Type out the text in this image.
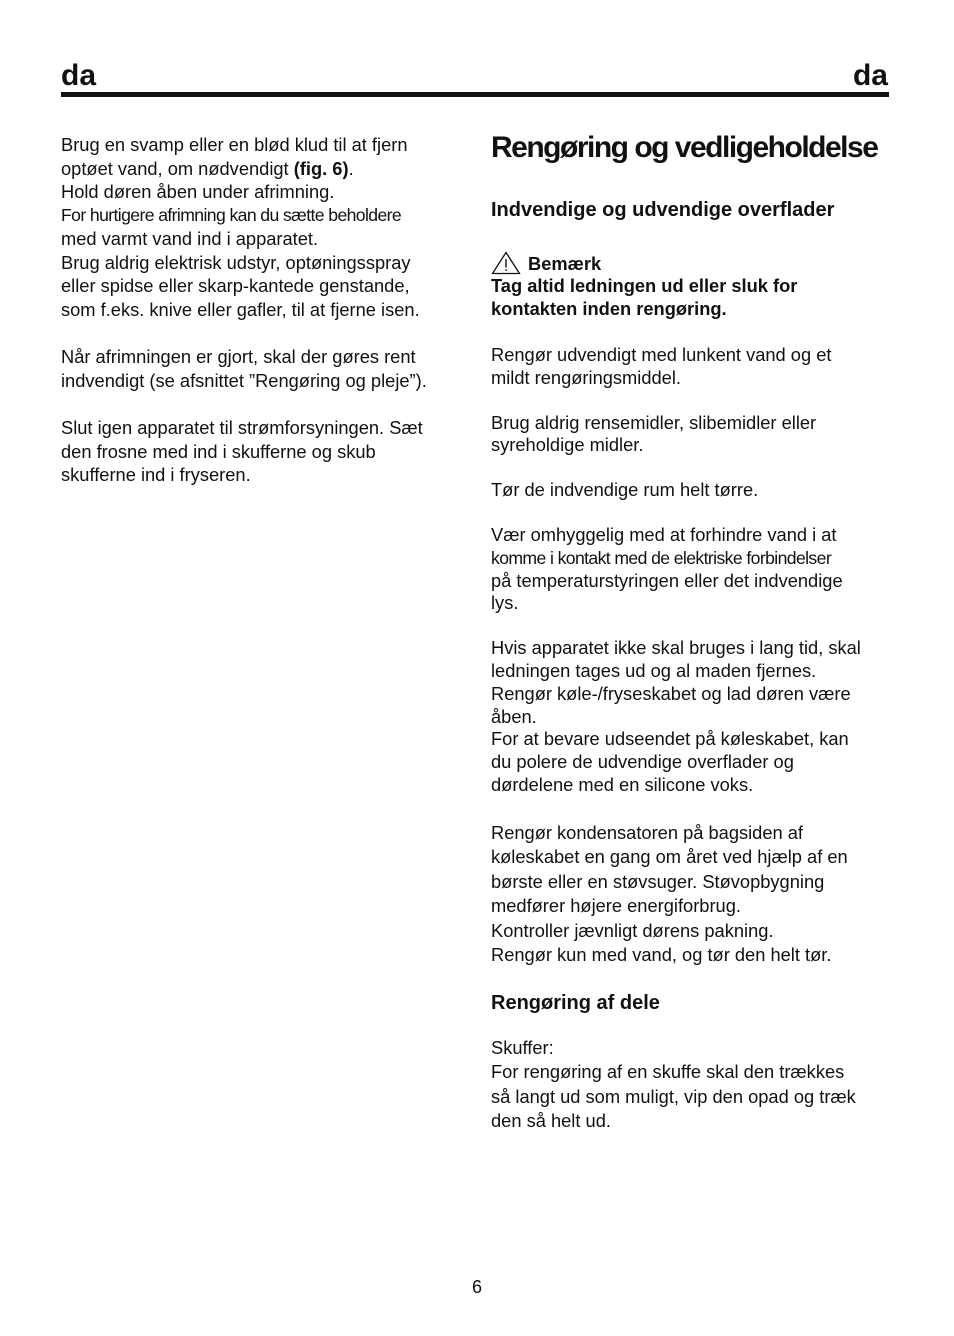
da	da

Brug en svamp eller en blød klud til at fjern
optøet vand, om nødvendigt (fig. 6).
Hold døren åben under afrimning.
For hurtigere afrimning kan du sætte beholdere
med varmt vand ind i apparatet.
Brug aldrig elektrisk udstyr, optøningsspray
eller spidse eller skarp-kantede genstande,
som f.eks. knive eller gafler, til at fjerne isen.

Når afrimningen er gjort, skal der gøres rent
indvendigt (se afsnittet ”Rengøring og pleje”).

Slut igen apparatet til strømforsyningen. Sæt
den frosne med ind i skufferne og skub
skufferne ind i fryseren.

Rengøring og vedligeholdelse
Indvendige og udvendige overflader
Bemærk
Tag altid ledningen ud eller sluk for
kontakten inden rengøring.
Rengør udvendigt med lunkent vand og et
mildt rengøringsmiddel.
Brug aldrig rensemidler, slibemidler eller
syreholdige midler.
Tør de indvendige rum helt tørre.
Vær omhyggelig med at forhindre vand i at
komme i kontakt med de elektriske forbindelser
på temperaturstyringen eller det indvendige
lys.
Hvis apparatet ikke skal bruges i lang tid, skal
ledningen tages ud og al maden fjernes.
Rengør køle-/fryseskabet og lad døren være
åben.
For at bevare udseendet på køleskabet, kan
du polere de udvendige overflader og
dørdelene med en silicone voks.
Rengør kondensatoren på bagsiden af
køleskabet en gang om året ved hjælp af en
børste eller en støvsuger. Støvopbygning
medfører højere energiforbrug.
Kontroller jævnligt dørens pakning.
Rengør kun med vand, og tør den helt tør.
Rengøring af dele
Skuffer:
For rengøring af en skuffe skal den trækkes
så langt ud som muligt, vip den opad og træk
den så helt ud.
6
